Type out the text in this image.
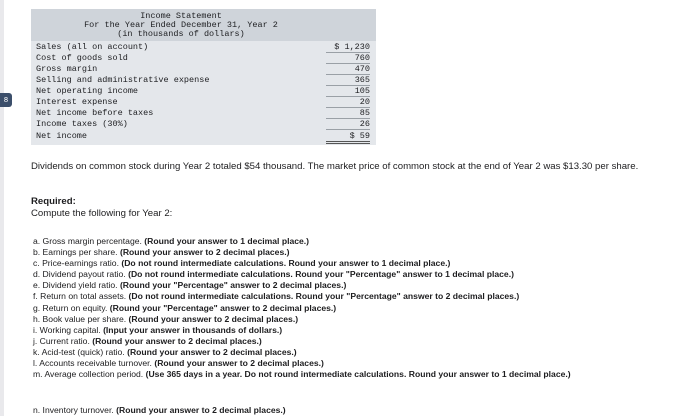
8
Income Statement
For the Year Ended December 31, Year 2
(in thousands of dollars)
Sales (all on account)	$ 1,230
Cost of goods sold	760
Gross margin	470
Selling and administrative expense	365
Net operating income	105
Interest expense	20
Net income before taxes	85
Income taxes (30%)	26
Net income	$ 59
Dividends on common stock during Year 2 totaled $54 thousand. The market price of common stock at the end of Year 2 was $13.30 per share.
Required:
Compute the following for Year 2:
a. Gross margin percentage. (Round your answer to 1 decimal place.)
b. Earnings per share. (Round your answer to 2 decimal places.)
c. Price-earnings ratio. (Do not round intermediate calculations. Round your answer to 1 decimal place.)
d. Dividend payout ratio. (Do not round intermediate calculations. Round your "Percentage" answer to 1 decimal place.)
e. Dividend yield ratio. (Round your "Percentage" answer to 2 decimal places.)
f. Return on total assets. (Do not round intermediate calculations. Round your "Percentage" answer to 2 decimal places.)
g. Return on equity. (Round your "Percentage" answer to 2 decimal places.)
h. Book value per share. (Round your answer to 2 decimal places.)
i. Working capital. (Input your answer in thousands of dollars.)
j. Current ratio. (Round your answer to 2 decimal places.)
k. Acid-test (quick) ratio. (Round your answer to 2 decimal places.)
l. Accounts receivable turnover. (Round your answer to 2 decimal places.)
m. Average collection period. (Use 365 days in a year. Do not round intermediate calculations. Round your answer to 1 decimal place.)
n. Inventory turnover. (Round your answer to 2 decimal places.)
